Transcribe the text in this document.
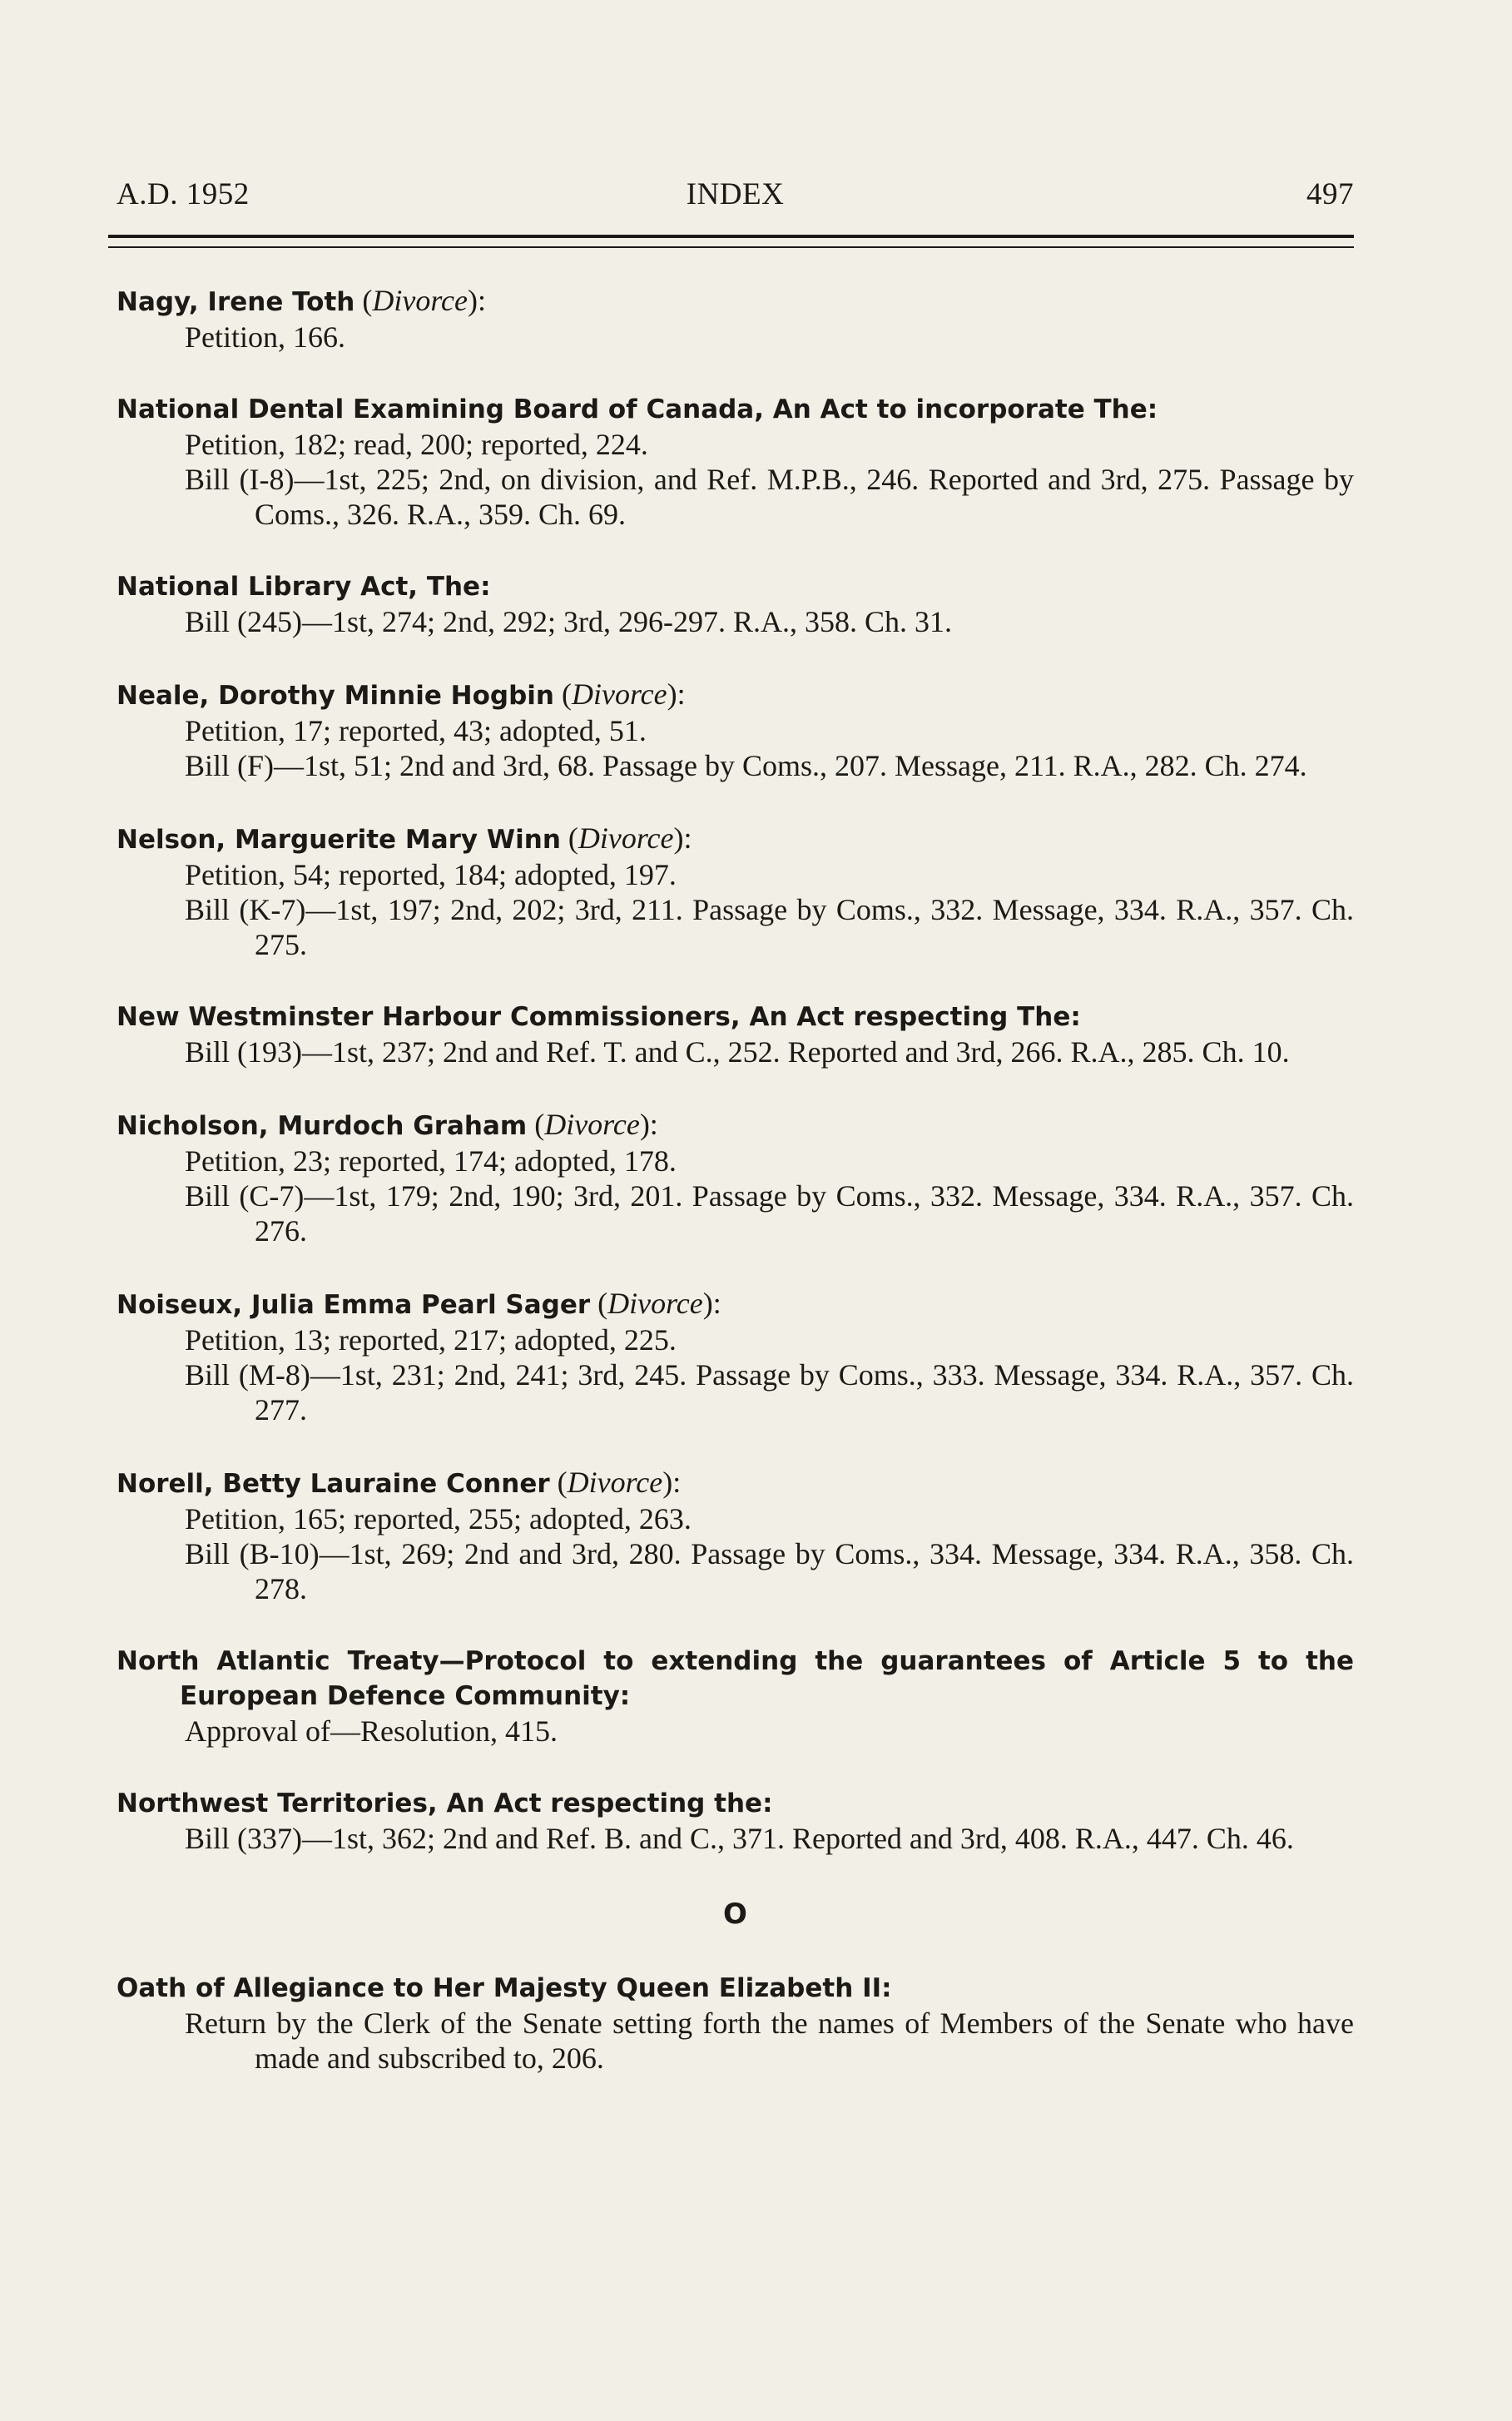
A.D. 1952	INDEX	497
Nagy, Irene Toth (Divorce):
Petition, 166.
National Dental Examining Board of Canada, An Act to incorporate The:
Petition, 182; read, 200; reported, 224.
Bill (I-8)—1st, 225; 2nd, on division, and Ref. M.P.B., 246. Reported and 3rd, 275. Passage by Coms., 326. R.A., 359. Ch. 69.
National Library Act, The:
Bill (245)—1st, 274; 2nd, 292; 3rd, 296-297. R.A., 358. Ch. 31.
Neale, Dorothy Minnie Hogbin (Divorce):
Petition, 17; reported, 43; adopted, 51.
Bill (F)—1st, 51; 2nd and 3rd, 68. Passage by Coms., 207. Message, 211. R.A., 282. Ch. 274.
Nelson, Marguerite Mary Winn (Divorce):
Petition, 54; reported, 184; adopted, 197.
Bill (K-7)—1st, 197; 2nd, 202; 3rd, 211. Passage by Coms., 332. Message, 334. R.A., 357. Ch. 275.
New Westminster Harbour Commissioners, An Act respecting The:
Bill (193)—1st, 237; 2nd and Ref. T. and C., 252. Reported and 3rd, 266. R.A., 285. Ch. 10.
Nicholson, Murdoch Graham (Divorce):
Petition, 23; reported, 174; adopted, 178.
Bill (C-7)—1st, 179; 2nd, 190; 3rd, 201. Passage by Coms., 332. Message, 334. R.A., 357. Ch. 276.
Noiseux, Julia Emma Pearl Sager (Divorce):
Petition, 13; reported, 217; adopted, 225.
Bill (M-8)—1st, 231; 2nd, 241; 3rd, 245. Passage by Coms., 333. Message, 334. R.A., 357. Ch. 277.
Norell, Betty Lauraine Conner (Divorce):
Petition, 165; reported, 255; adopted, 263.
Bill (B-10)—1st, 269; 2nd and 3rd, 280. Passage by Coms., 334. Message, 334. R.A., 358. Ch. 278.
North Atlantic Treaty—Protocol to extending the guarantees of Article 5 to the European Defence Community:
Approval of—Resolution, 415.
Northwest Territories, An Act respecting the:
Bill (337)—1st, 362; 2nd and Ref. B. and C., 371. Reported and 3rd, 408. R.A., 447. Ch. 46.
O
Oath of Allegiance to Her Majesty Queen Elizabeth II:
Return by the Clerk of the Senate setting forth the names of Members of the Senate who have made and subscribed to, 206.
